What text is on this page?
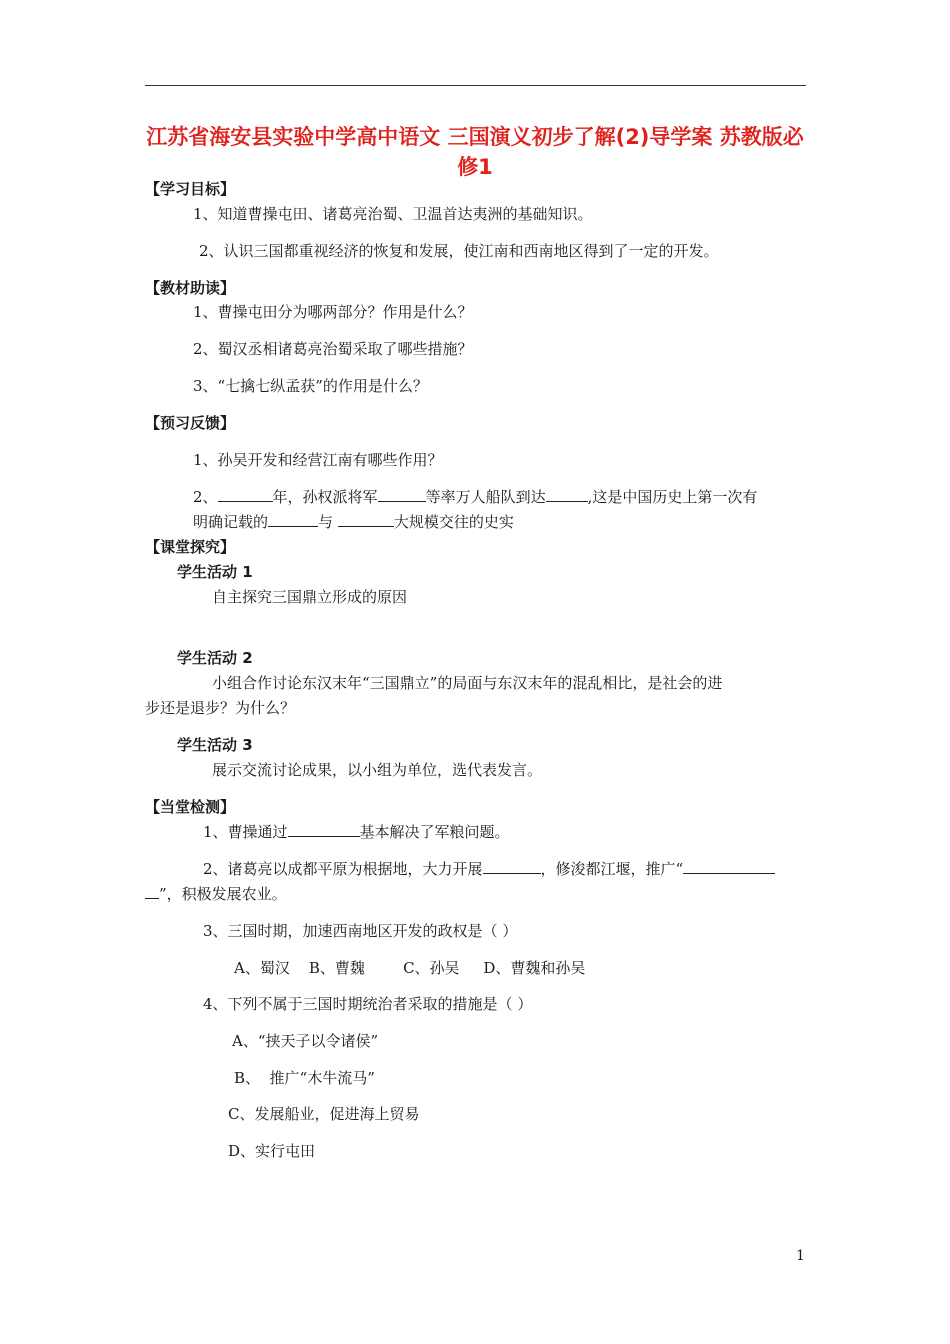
江苏省海安县实验中学高中语文 三国演义初步了解(2)导学案 苏教版必修1
【学习目标】
1、知道曹操屯田、诸葛亮治蜀、卫温首达夷洲的基础知识。
2、认识三国都重视经济的恢复和发展，使江南和西南地区得到了一定的开发。
【教材助读】
1、曹操屯田分为哪两部分？作用是什么？
2、蜀汉丞相诸葛亮治蜀采取了哪些措施？
3、“七擒七纵孟获”的作用是什么？
【预习反馈】
1、孙吴开发和经营江南有哪些作用？
2、	年，孙权派将军	等率万人船队到达	,这是中国历史上第一次有
明确记载的	与	大规模交往的史实
【课堂探究】
学生活动 1
自主探究三国鼎立形成的原因
学生活动 2
小组合作讨论东汉末年“三国鼎立”的局面与东汉末年的混乱相比，是社会的进
步还是退步？为什么？
学生活动 3
展示交流讨论成果，以小组为单位，选代表发言。
【当堂检测】
1、曹操通过	基本解决了军粮问题。
2、诸葛亮以成都平原为根据地，大力开展	，修浚都江堰，推广“
”，积极发展农业。
3、三国时期，加速西南地区开发的政权是（ ）
A、蜀汉    B、曹魏        C、孙吴     D、曹魏和孙吴
4、下列不属于三国时期统治者采取的措施是（ ）
A、“挟天子以令诸侯”
B、  推广“木牛流马”
C、发展船业，促进海上贸易
D、实行屯田
1
